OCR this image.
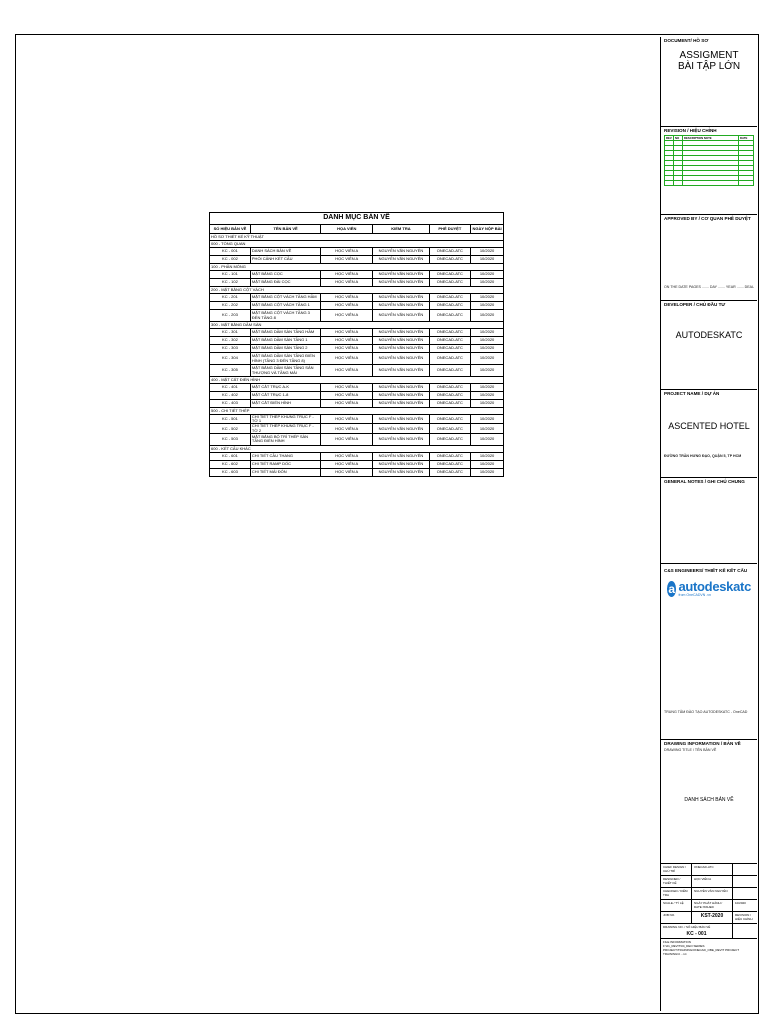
DANH MỤC BẢN VẼ					
SỐ HIỆU BẢN VẼ	TÊN BẢN VẼ	HỌA VIÊN	KIỂM TRA	PHÊ DUYỆT	NGÀY NỘP BÀI
HỒ SƠ THIẾT KẾ KỸ THUẬT					
000 - TỔNG QUAN					
KC - 001	DANH SÁCH BẢN VẼ	HỌC VIÊN A	NGUYỄN VĂN NGUYÊN	ONECAD-ATC	10/2020
KC - 002	PHỐI CẢNH KẾT CẤU	HỌC VIÊN A	NGUYỄN VĂN NGUYÊN	ONECAD-ATC	10/2020
100 - PHẦN MÓNG					
KC - 101	MẶT BẰNG CỌC	HỌC VIÊN A	NGUYỄN VĂN NGUYÊN	ONECAD-ATC	10/2020
KC - 102	MẶT BẰNG ĐÀI CỌC	HỌC VIÊN A	NGUYỄN VĂN NGUYÊN	ONECAD-ATC	10/2020
200 - MẶT BẰNG CỘT VÁCH					
KC - 201	MẶT BẰNG CỘT VÁCH TẦNG HẦM	HỌC VIÊN A	NGUYỄN VĂN NGUYÊN	ONECAD-ATC	10/2020
KC - 202	MẶT BẰNG CỘT VÁCH TẦNG 1	HỌC VIÊN A	NGUYỄN VĂN NGUYÊN	ONECAD-ATC	10/2020
KC - 203	MẶT BẰNG CỘT VÁCH TẦNG 3 ĐẾN TẦNG 8	HỌC VIÊN A	NGUYỄN VĂN NGUYÊN	ONECAD-ATC	10/2020
300 - MẶT BẰNG DẦM SÀN					
KC - 301	MẶT BẰNG DẦM SÀN TẦNG HẦM	HỌC VIÊN A	NGUYỄN VĂN NGUYÊN	ONECAD-ATC	10/2020
KC - 302	MẶT BẰNG DẦM SÀN TẦNG 1	HỌC VIÊN A	NGUYỄN VĂN NGUYÊN	ONECAD-ATC	10/2020
KC - 303	MẶT BẰNG DẦM SÀN TẦNG 2	HỌC VIÊN A	NGUYỄN VĂN NGUYÊN	ONECAD-ATC	10/2020
KC - 304	MẶT BẰNG DẦM SÀN TẦNG ĐIỂN HÌNH (TẦNG 3 ĐẾN TẦNG 8)	HỌC VIÊN A	NGUYỄN VĂN NGUYÊN	ONECAD-ATC	10/2020
KC - 305	MẶT BẰNG DẦM SÀN TẦNG SÂN THƯỢNG VÀ TẦNG MÁI	HỌC VIÊN A	NGUYỄN VĂN NGUYÊN	ONECAD-ATC	10/2020
400 - MẶT CẮT ĐIỂN HÌNH					
KC - 401	MẶT CẮT TRỤC A-K	HỌC VIÊN A	NGUYỄN VĂN NGUYÊN	ONECAD-ATC	10/2020
KC - 402	MẶT CẮT TRỤC 1-8	HỌC VIÊN A	NGUYỄN VĂN NGUYÊN	ONECAD-ATC	10/2020
KC - 403	MẶT CẮT ĐIỂN HÌNH	HỌC VIÊN A	NGUYỄN VĂN NGUYÊN	ONECAD-ATC	10/2020
500 - CHI TIẾT THÉP					
KC - 501	CHI TIẾT THÉP KHUNG TRỤC F - TỜ 1	HỌC VIÊN A	NGUYỄN VĂN NGUYÊN	ONECAD-ATC	10/2020
KC - 502	CHI TIẾT THÉP KHUNG TRỤC F - TỜ 2	HỌC VIÊN A	NGUYỄN VĂN NGUYÊN	ONECAD-ATC	10/2020
KC - 503	MẶT BẰNG BỐ TRÍ THÉP SÀN TẦNG ĐIỂN HÌNH	HỌC VIÊN A	NGUYỄN VĂN NGUYÊN	ONECAD-ATC	10/2020
600 - KẾT CẤU KHÁC					
KC - 601	CHI TIẾT CẦU THANG	HỌC VIÊN A	NGUYỄN VĂN NGUYÊN	ONECAD-ATC	10/2020
KC - 602	CHI TIẾT RAMP DỐC	HỌC VIÊN A	NGUYỄN VĂN NGUYÊN	ONECAD-ATC	10/2020
KC - 603	CHI TIẾT MÁI ĐÓN	HỌC VIÊN A	NGUYỄN VĂN NGUYÊN	ONECAD-ATC	10/2020
DOCUMENT/ HỒ SƠ
ASSIGMENT
BÀI TẬP LỚN
REVISION / HIỆU CHỈNH
REV	NO	DESCRIPTION NOTE	DATE

APPROVED BY / CƠ QUAN PHÊ DUYỆT
ON THE DATE PAGES ....... DAY ....... YEAR ....... DEAL
DEVELOPER / CHỦ ĐẦU TƯ
AUTODESKATC
PROJECT NAME / DỰ ÁN
ASCENTED HOTEL
ĐƯỜNG TRẦN HƯNG ĐẠO, QUẬN 5, TP HCM
GENERAL NOTES / GHI CHÚ CHUNG
C&S ENGINEERS/ THIẾT KẾ KẾT CẤU
a autodeskatc
from OneCADVN .vn
TRUNG TÂM ĐÀO TẠO AUTODESKATC - OneCAD
DRAWING INFORMATION / BẢN VẼ
DRAWING TITLE / TÊN BẢN VẼ
DANH SÁCH BẢN VẼ
CHIEF DESIGN / CHỦ TRÌ	ONECAD-ATC	
DESIGNED / THIẾT KẾ	HỌC VIÊN A	
CHECKED / KIỂM TRA	NGUYỄN VĂN NGUYÊN	
SCALE / TỶ LỆ	NGÀY PHÁT HÀNH / DATE ISSUED	10/2020
JOB NO.	KST-2020	REVISION / HIỆU CHỈNH

DRAWING NO. / SỐ HIỆU BẢN VẼ
KC - 001		

FILE INFORMATION
F:\01_REVIT\04_DEO SERIES PROJECT\TRAINING\ONECAD_OBE_REVIT PROJECT TRAINING\3 ...rvt		
